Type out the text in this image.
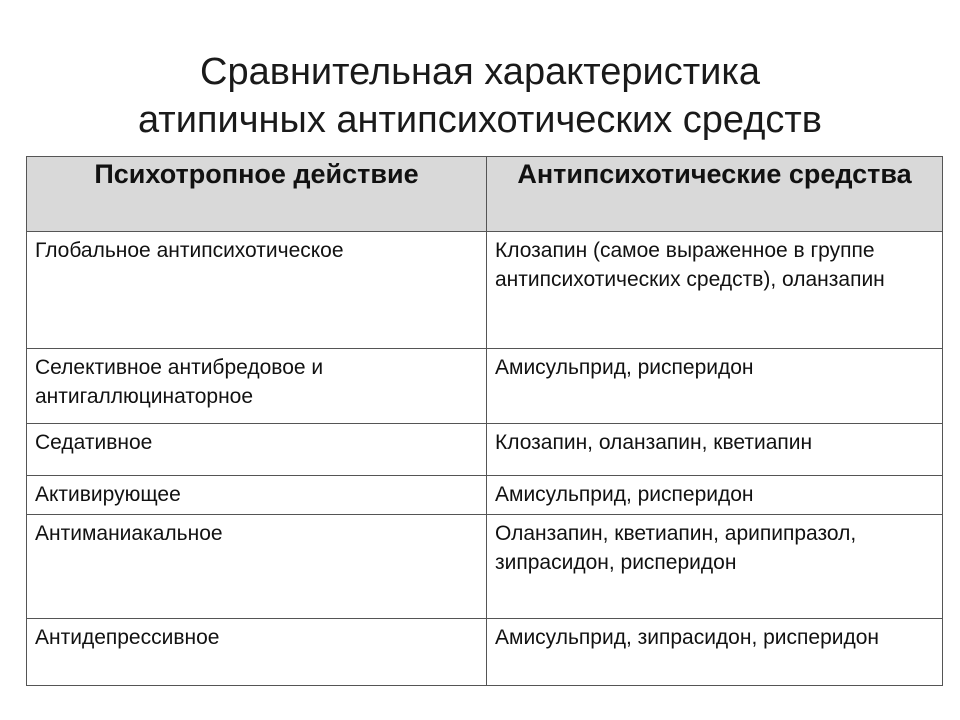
Сравнительная характеристика
атипичных антипсихотических средств
Психотропное действие	Антипсихотические средства
Глобальное антипсихотическое	Клозапин (самое выраженное в группе антипсихотических средств), оланзапин
Селективное антибредовое и антигаллюцинаторное	Амисульприд, рисперидон
Седативное	Клозапин, оланзапин, кветиапин
Активирующее	Амисульприд, рисперидон
Антиманиакальное	Оланзапин, кветиапин, арипипразол, зипрасидон, рисперидон
Антидепрессивное	Амисульприд, зипрасидон, рисперидон
